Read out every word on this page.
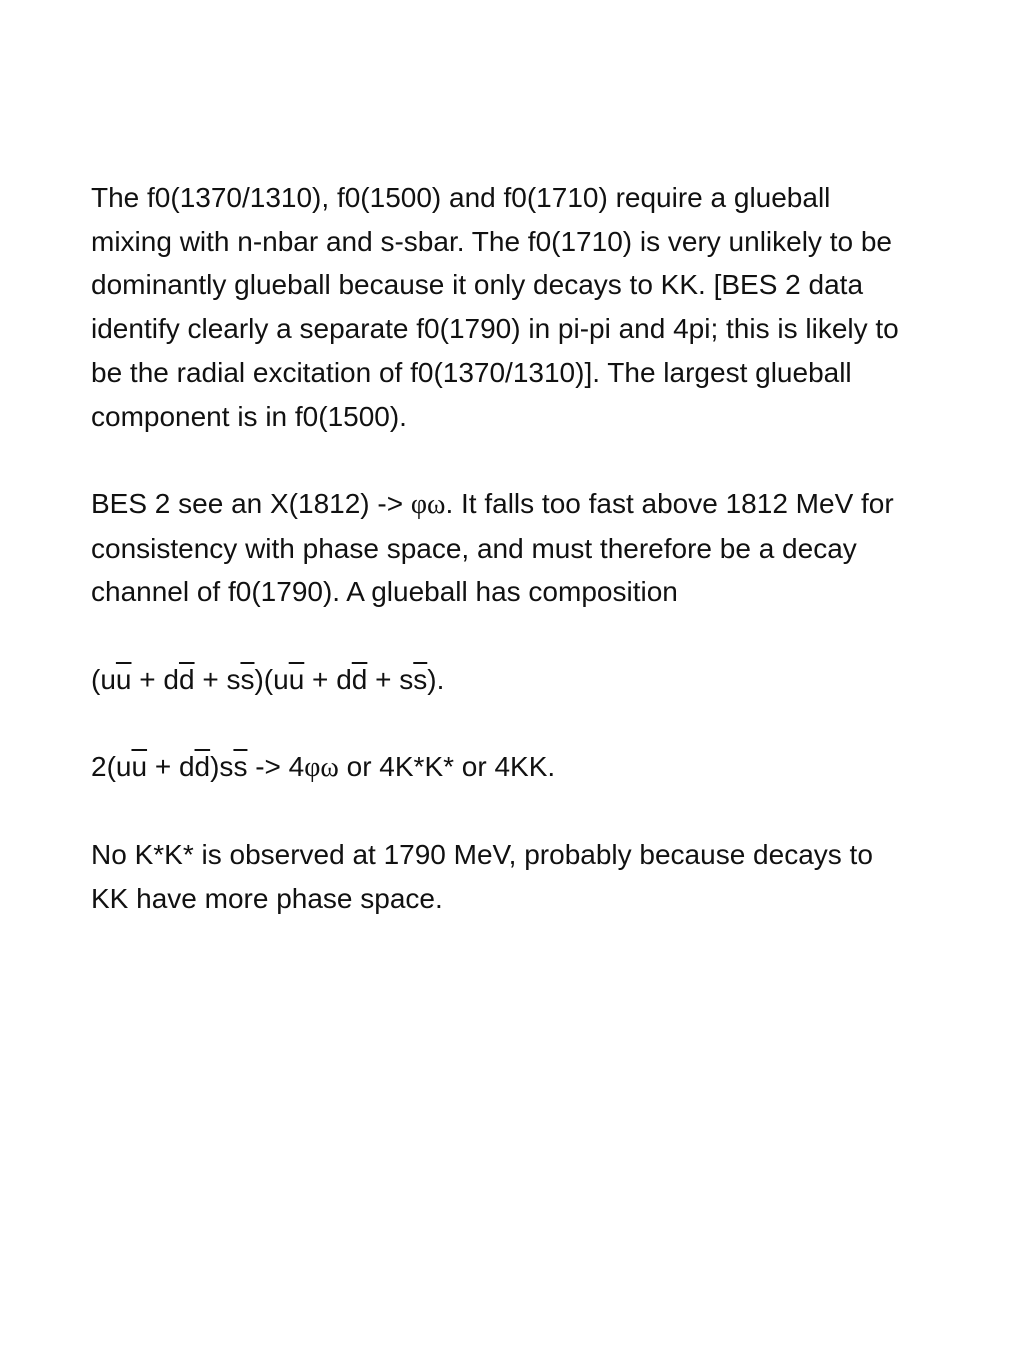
The f0(1370/1310), f0(1500) and f0(1710) require a glueball
mixing with n-nbar and s-sbar. The f0(1710) is very unlikely to be
dominantly glueball because it only decays to KK. [BES 2 data
identify clearly a separate f0(1790) in pi-pi and 4pi; this is likely to
be the radial excitation of f0(1370/1310)]. The largest glueball
component is in f0(1500).

BES 2 see an X(1812) -> φω. It falls too fast above 1812 MeV for
consistency with phase space, and must therefore be a decay
channel of f0(1790). A glueball has composition

$(u\overline{u} + d\overline{d} + s\overline{s})(u\overline{u} + d\overline{d} + s\overline{s})$.

$2(u\overline{u} + d\overline{d})s\overline{s} -> 4\varphi\omega$ or 4K*K* or 4KK.

No K*K* is observed at 1790 MeV, probably because decays to
KK have more phase space.
